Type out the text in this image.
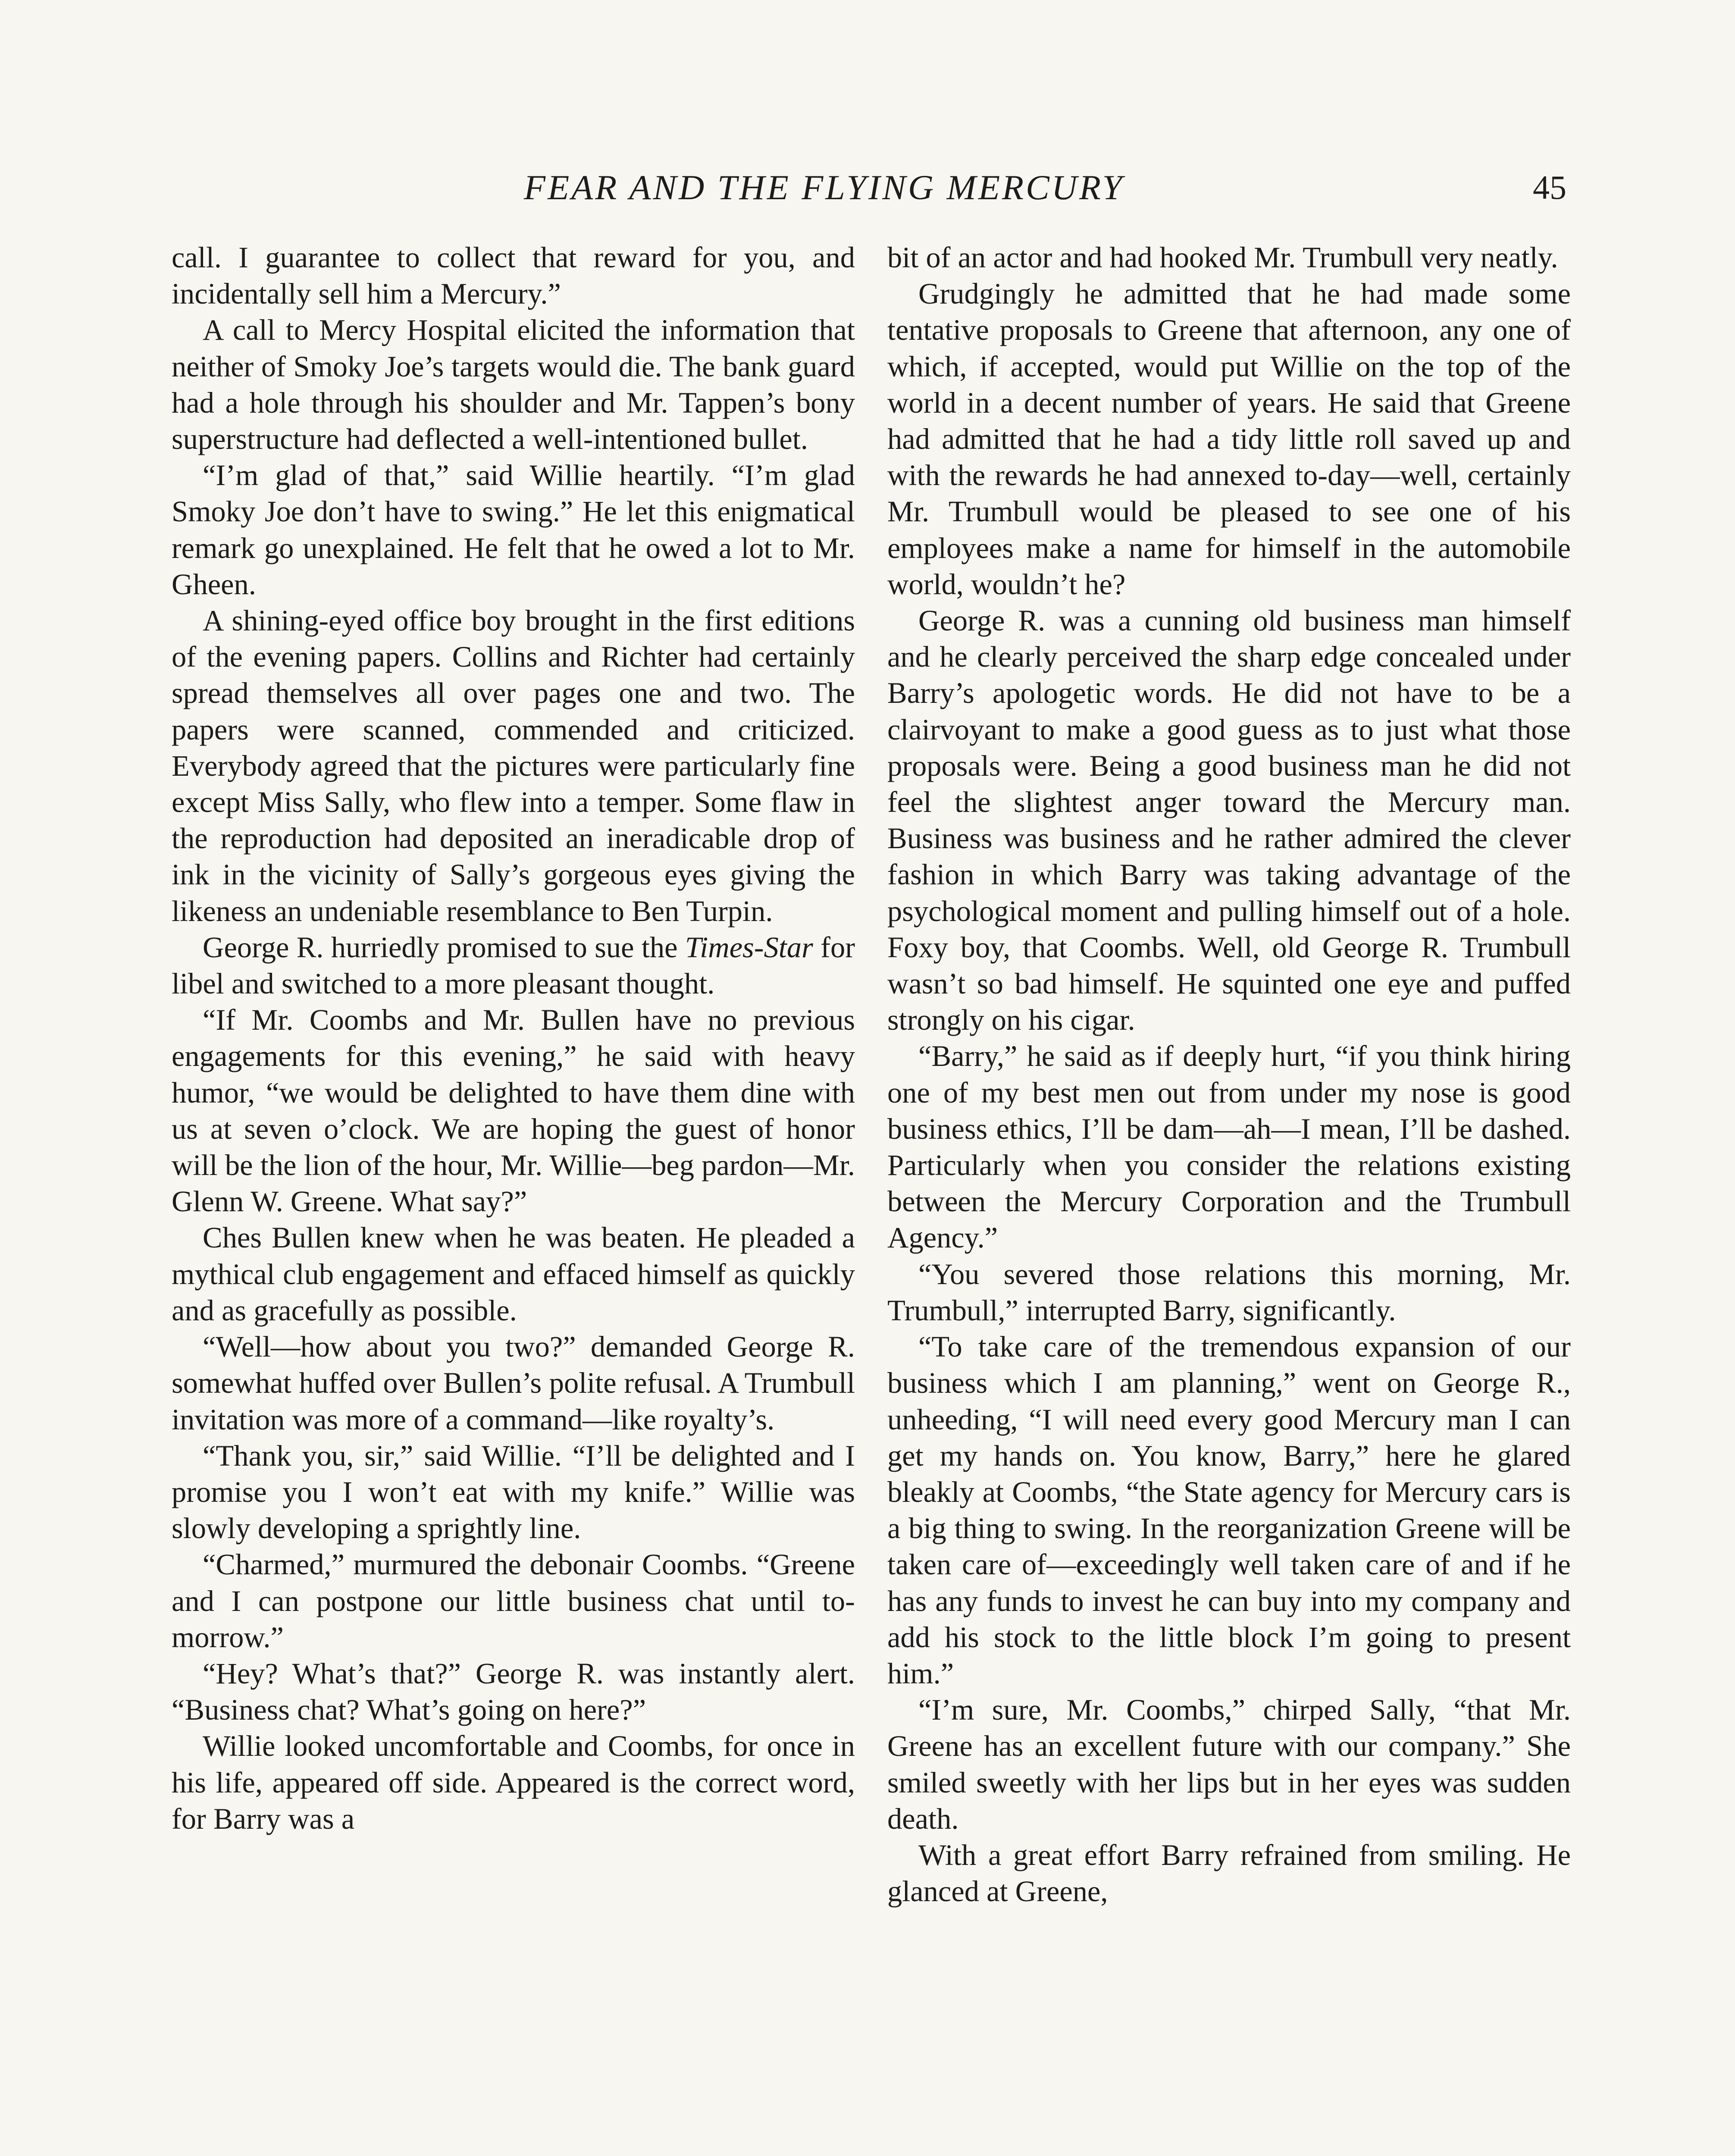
FEAR AND THE FLYING MERCURY	45

call. I guarantee to collect that reward for you, and incidentally sell him a Mercury.”

A call to Mercy Hospital elicited the information that neither of Smoky Joe’s targets would die. The bank guard had a hole through his shoulder and Mr. Tappen’s bony superstructure had deflected a well-intentioned bullet.

“I’m glad of that,” said Willie heartily. “I’m glad Smoky Joe don’t have to swing.” He let this enigmatical remark go unexplained. He felt that he owed a lot to Mr. Gheen.

A shining-eyed office boy brought in the first editions of the evening papers. Collins and Richter had certainly spread themselves all over pages one and two. The papers were scanned, commended and criticized. Everybody agreed that the pictures were particularly fine except Miss Sally, who flew into a temper. Some flaw in the reproduction had deposited an ineradicable drop of ink in the vicinity of Sally’s gorgeous eyes giving the likeness an undeniable resemblance to Ben Turpin.

George R. hurriedly promised to sue the Times-Star for libel and switched to a more pleasant thought.

“If Mr. Coombs and Mr. Bullen have no previous engagements for this evening,” he said with heavy humor, “we would be delighted to have them dine with us at seven o’clock. We are hoping the guest of honor will be the lion of the hour, Mr. Willie—beg pardon—Mr. Glenn W. Greene. What say?”

Ches Bullen knew when he was beaten. He pleaded a mythical club engagement and effaced himself as quickly and as gracefully as possible.

“Well—how about you two?” demanded George R. somewhat huffed over Bullen’s polite refusal. A Trumbull invitation was more of a command—like royalty’s.

“Thank you, sir,” said Willie. “I’ll be delighted and I promise you I won’t eat with my knife.” Willie was slowly developing a sprightly line.

“Charmed,” murmured the debonair Coombs. “Greene and I can postpone our little business chat until to-morrow.”

“Hey? What’s that?” George R. was instantly alert. “Business chat? What’s going on here?”

Willie looked uncomfortable and Coombs, for once in his life, appeared off side. Appeared is the correct word, for Barry was a

bit of an actor and had hooked Mr. Trumbull very neatly.

Grudgingly he admitted that he had made some tentative proposals to Greene that afternoon, any one of which, if accepted, would put Willie on the top of the world in a decent number of years. He said that Greene had admitted that he had a tidy little roll saved up and with the rewards he had annexed to-day—well, certainly Mr. Trumbull would be pleased to see one of his employees make a name for himself in the automobile world, wouldn’t he?

George R. was a cunning old business man himself and he clearly perceived the sharp edge concealed under Barry’s apologetic words. He did not have to be a clairvoyant to make a good guess as to just what those proposals were. Being a good business man he did not feel the slightest anger toward the Mercury man. Business was business and he rather admired the clever fashion in which Barry was taking advantage of the psychological moment and pulling himself out of a hole. Foxy boy, that Coombs. Well, old George R. Trumbull wasn’t so bad himself. He squinted one eye and puffed strongly on his cigar.

“Barry,” he said as if deeply hurt, “if you think hiring one of my best men out from under my nose is good business ethics, I’ll be dam—ah—I mean, I’ll be dashed. Particularly when you consider the relations existing between the Mercury Corporation and the Trumbull Agency.”

“You severed those relations this morning, Mr. Trumbull,” interrupted Barry, significantly.

“To take care of the tremendous expansion of our business which I am planning,” went on George R., unheeding, “I will need every good Mercury man I can get my hands on. You know, Barry,” here he glared bleakly at Coombs, “the State agency for Mercury cars is a big thing to swing. In the reorganization Greene will be taken care of—exceedingly well taken care of and if he has any funds to invest he can buy into my company and add his stock to the little block I’m going to present him.”

“I’m sure, Mr. Coombs,” chirped Sally, “that Mr. Greene has an excellent future with our company.” She smiled sweetly with her lips but in her eyes was sudden death.

With a great effort Barry refrained from smiling. He glanced at Greene,
